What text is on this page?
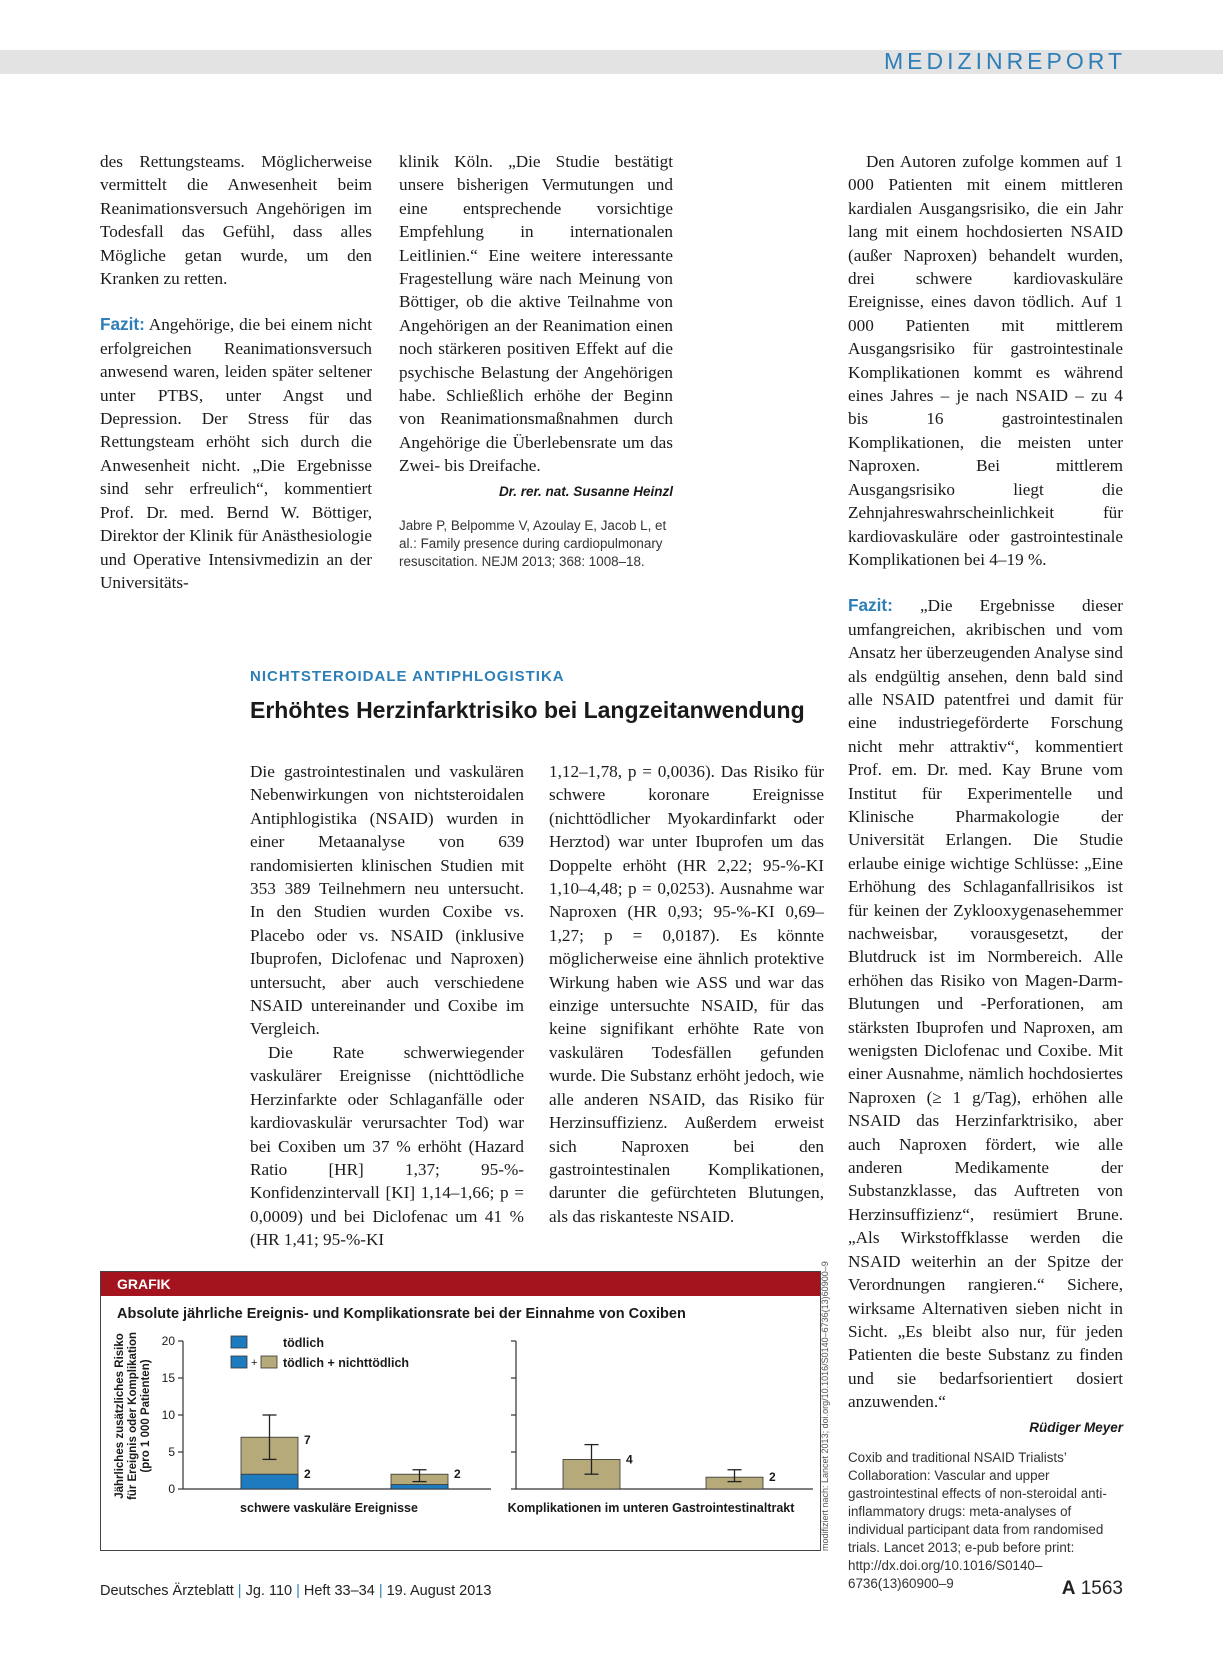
MEDIZINREPORT

des Rettungsteams. Möglicherweise vermittelt die Anwesenheit beim Reanimationsversuch Angehörigen im Todesfall das Gefühl, dass alles Mögliche getan wurde, um den Kranken zu retten.

Fazit: Angehörige, die bei einem nicht erfolgreichen Reanimationsversuch anwesend waren, leiden später seltener unter PTBS, unter Angst und Depression. Der Stress für das Rettungsteam erhöht sich durch die Anwesenheit nicht. „Die Ergebnisse sind sehr erfreulich“, kommentiert Prof. Dr. med. Bernd W. Böttiger, Direktor der Klinik für Anästhesiologie und Operative Intensivmedizin an der Universitäts-

klinik Köln. „Die Studie bestätigt unsere bisherigen Vermutungen und eine entsprechende vorsichtige Empfehlung in internationalen Leitlinien.“ Eine weitere interessante Fragestellung wäre nach Meinung von Böttiger, ob die aktive Teilnahme von Angehörigen an der Reanimation einen noch stärkeren positiven Effekt auf die psychische Belastung der Angehörigen habe. Schließlich erhöhe der Beginn von Reanimationsmaßnahmen durch Angehörige die Überlebensrate um das Zwei- bis Dreifache.

Dr. rer. nat. Susanne Heinzl
Jabre P, Belpomme V, Azoulay E, Jacob L, et al.: Family presence during cardiopulmonary resuscitation. NEJM 2013; 368: 1008–18.

Den Autoren zufolge kommen auf 1 000 Patienten mit einem mittleren kardialen Ausgangsrisiko, die ein Jahr lang mit einem hochdosierten NSAID (außer Naproxen) behandelt wurden, drei schwere kardiovaskuläre Ereignisse, eines davon tödlich. Auf 1 000 Patienten mit mittlerem Ausgangsrisiko für gastrointestinale Komplikationen kommt es während eines Jahres – je nach NSAID – zu 4 bis 16 gastrointestinalen Komplikationen, die meisten unter Naproxen. Bei mittlerem Ausgangsrisiko liegt die Zehnjahreswahrscheinlichkeit für kardiovaskuläre oder gastrointestinale Komplikationen bei 4–19 %.

Fazit: „Die Ergebnisse dieser umfangreichen, akribischen und vom Ansatz her überzeugenden Analyse sind als endgültig ansehen, denn bald sind alle NSAID patentfrei und damit für eine industriegeförderte Forschung nicht mehr attraktiv“, kommentiert Prof. em. Dr. med. Kay Brune vom Institut für Experimentelle und Klinische Pharmakologie der Universität Erlangen. Die Studie erlaube einige wichtige Schlüsse: „Eine Erhöhung des Schlaganfallrisikos ist für keinen der Zyklooxygenasehemmer nachweisbar, vorausgesetzt, der Blutdruck ist im Normbereich. Alle erhöhen das Risiko von Magen-Darm-Blutungen und -Perforationen, am stärksten Ibuprofen und Naproxen, am wenigsten Diclofenac und Coxibe. Mit einer Ausnahme, nämlich hochdosiertes Naproxen (≥ 1 g/Tag), erhöhen alle NSAID das Herzinfarktrisiko, aber auch Naproxen fördert, wie alle anderen Medikamente der Substanzklasse, das Auftreten von Herzinsuffizienz“, resümiert Brune. „Als Wirkstoffklasse werden die NSAID weiterhin an der Spitze der Verordnungen rangieren.“ Sichere, wirksame Alternativen sieben nicht in Sicht. „Es bleibt also nur, für jeden Patienten die beste Substanz zu finden und sie bedarfsorientiert dosiert anzuwenden.“

Rüdiger Meyer
Coxib and traditional NSAID Trialists’ Collaboration: Vascular and upper gastrointestinal effects of non-steroidal anti-inflammatory drugs: meta-analyses of individual participant data from randomised trials. Lancet 2013; e-pub before print: http://dx.doi.org/10.1016/S0140–6736(13)60900–9
NICHTSTEROIDALE ANTIPHLOGISTIKA
Erhöhtes Herzinfarktrisiko bei Langzeitanwendung

Die gastrointestinalen und vaskulären Nebenwirkungen von nichtsteroidalen Antiphlogistika (NSAID) wurden in einer Metaanalyse von 639 randomisierten klinischen Studien mit 353 389 Teilnehmern neu untersucht. In den Studien wurden Coxibe vs. Placebo oder vs. NSAID (inklusive Ibuprofen, Diclofenac und Naproxen) untersucht, aber auch verschiedene NSAID untereinander und Coxibe im Vergleich.

Die Rate schwerwiegender vaskulärer Ereignisse (nichttödliche Herzinfarkte oder Schlaganfälle oder kardiovaskulär verursachter Tod) war bei Coxiben um 37 % erhöht (Hazard Ratio [HR] 1,37; 95-%-Konfidenzintervall [KI] 1,14–1,66; p = 0,0009) und bei Diclofenac um 41 % (HR 1,41; 95-%-KI

1,12–1,78, p = 0,0036). Das Risiko für schwere koronare Ereignisse (nichttödlicher Myokardinfarkt oder Herztod) war unter Ibuprofen um das Doppelte erhöht (HR 2,22; 95-%-KI 1,10–4,48; p = 0,0253). Ausnahme war Naproxen (HR 0,93; 95-%-KI 0,69–1,27; p = 0,0187). Es könnte möglicherweise eine ähnlich protektive Wirkung haben wie ASS und war das einzige untersuchte NSAID, für das keine signifikant erhöhte Rate von vaskulären Todesfällen gefunden wurde. Die Substanz erhöht jedoch, wie alle anderen NSAID, das Risiko für Herzinsuffizienz. Außerdem erweist sich Naproxen bei den gastrointestinalen Komplikationen, darunter die gefürchteten Blutungen, als das riskanteste NSAID.

GRAFIK
Absolute jährliche Ereignis- und Komplikationsrate bei der Einnahme von Coxiben
Jährliches zusätzliches Risiko für Ereignis oder Komplikation (pro 1 000 Patienten)
0
5
10
15
20	tödlich
+ tödlich + nichttödlich
7
2	2
4
2
schwere vaskuläre Ereignisse	Komplikationen im unteren Gastrointestinaltrakt	modifiziert nach: Lancet 2013; doi.org/10.1016/S0140–6736(13)60900–9
Deutsches Ärzteblatt | Jg. 110 | Heft 33–34 | 19. August 2013	A 1563
